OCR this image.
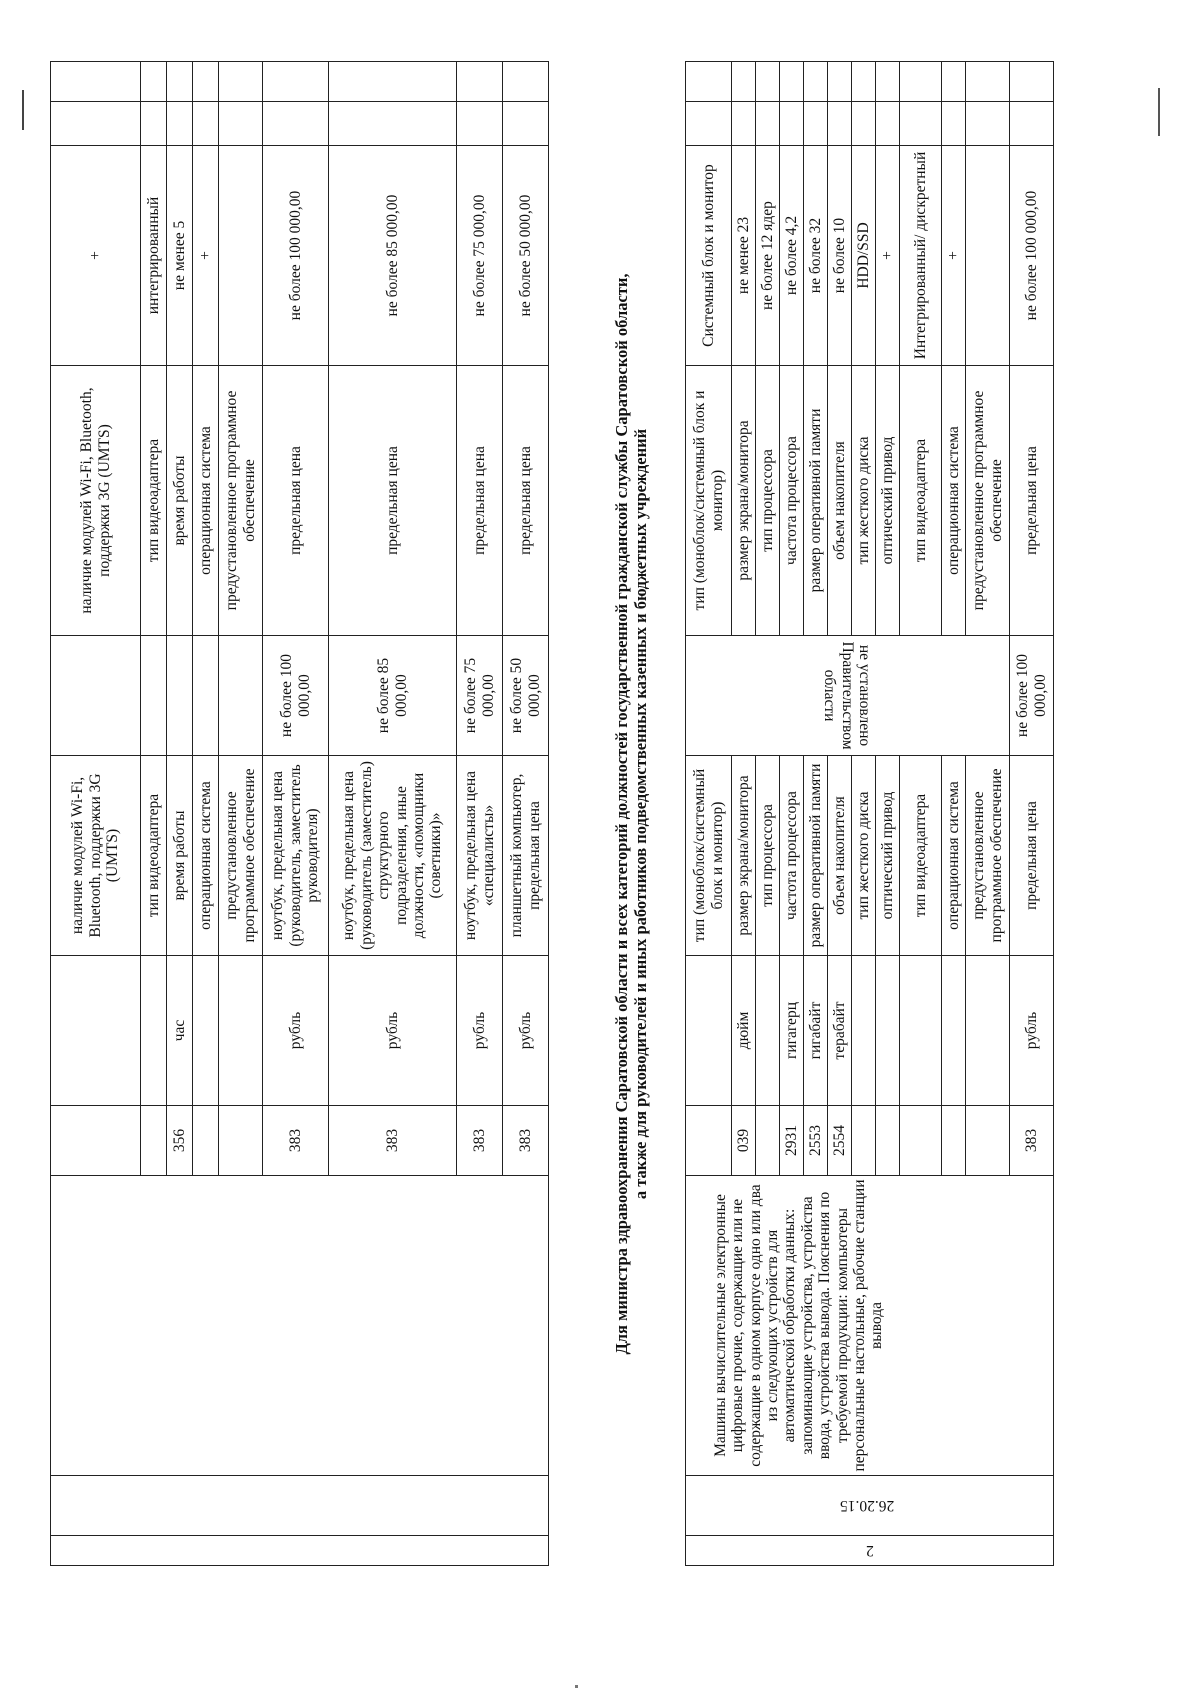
					наличие модулей Wi-Fi, Bluetooth, поддержки 3G (UMTS)		наличие модулей Wi-Fi, Bluetooth, поддержки 3G (UMTS)	+		
					тип видеоадаптера		тип видеоадаптера	интегрированный		
			356	час	время работы		время работы	не менее 5		
					операционная система		операционная система	+		
					предустановленное программное обеспечение		предустановленное программное обеспечение			
			383	рубль	ноутбук, предельная цена (руководитель, заместитель руководителя)	не более 100 000,00	предельная цена	не более 100 000,00		
			383	рубль	ноутбук, предельная цена (руководитель (заместитель) структурного подразделения, иные должности, «помощники (советники)»	не более 85 000,00	предельная цена	не более 85 000,00		
			383	рубль	ноутбук, предельная цена «специалисты»	не более 75 000,00	предельная цена	не более 75 000,00		
			383	рубль	планшетный компьютер, предельная цена	не более 50 000,00	предельная цена	не более 50 000,00		
Для министра здравоохранения Саратовской области и всех категорий должностей государственной гражданской службы Саратовской области, а также для руководителей и иных работников подведомственных казенных и бюджетных учреждений
2	26.20.15	Машины вычислительные электронные цифровые прочие, содержащие или не содержащие в одном корпусе одно или два из следующих устройств для автоматической обработки данных: запоминающие устройства, устройства ввода, устройства вывода. Пояснения по требуемой продукции: компьютеры персональные настольные, рабочие станции вывода			тип (моноблок/системный блок и монитор)	не установлено Правительством области	тип (моноблок/системный блок и монитор)	Системный блок и монитор		
			039	дюйм	размер экрана/монитора		размер экрана/монитора	не менее 23		
					тип процессора		тип процессора	не более 12 ядер		
			2931	гигагерц	частота процессора		частота процессора	не более 4,2		
			2553	гигабайт	размер оперативной памяти		размер оперативной памяти	не более 32		
			2554	терабайт	объем накопителя		объем накопителя	не более 10		
					тип жесткого диска		тип жесткого диска	HDD/SSD		
					оптический привод		оптический привод	+		
					тип видеоадаптера		тип видеоадаптера	Интегрированный/ дискретный		
					операционная система		операционная система	+		
					предустановленное программное обеспечение		предустановленное программное обеспечение			
			383	рубль	предельная цена	не более 100 000,00	предельная цена	не более 100 000,00		
